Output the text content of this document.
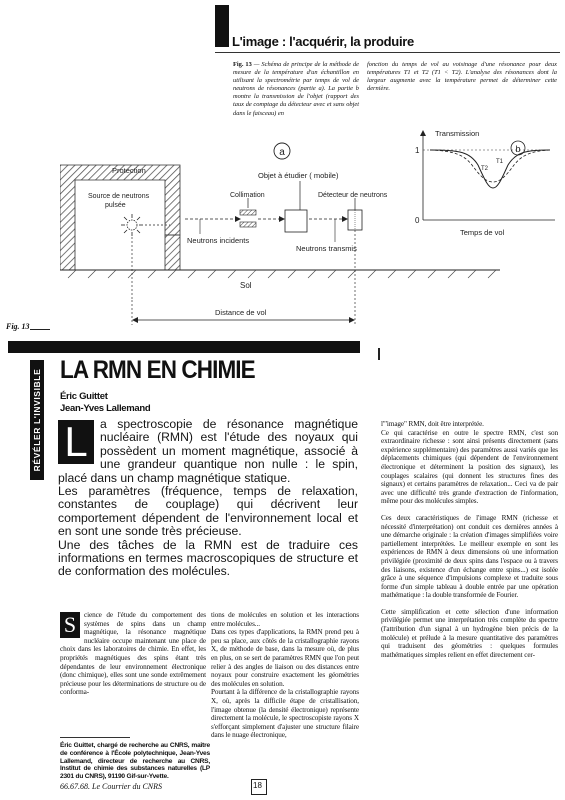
L'image : l'acquérir, la produire
Fig. 13 — Schéma de principe de la méthode de mesure de la température d'un échantillon en utilisant la spectrométrie par temps de vol de neutrons de résonances (partie a). La partie b montre la transmission de l'objet (rapport des taux de comptage du détecteur avec et sans objet dans le faisceau) en
fonction du temps de vol au voisinage d'une résonance pour deux températures T1 et T2 (T1 < T2). L'analyse des résonances dont la largeur augmente avec la température permet de déterminer cette dernière.
Protection
Source de neutrons
pulsée
a
Objet à étudier ( mobile)
Collimation	Détecteur de neutrons
Neutrons incidents
Neutrons transmis
Sol
Distance de vol
Transmission
1
0
b
T1
T2
Temps de vol
Fig. 13
RÉVÉLER L'INVISIBLE LA RMN EN CHIMIE
Éric Guittet
Jean-Yves Lallemand
L	a spectroscopie de résonance magnétique nucléaire (RMN) est l'étude des noyaux qui possèdent un moment magnétique, associé à une grandeur quantique non nulle : le spin, placé dans un champ magnétique statique.

Les paramètres (fréquence, temps de relaxation, constantes de couplage) qui décrivent leur comportement dépendent de l'environnement local et en sont une sonde très précieuse.

Une des tâches de la RMN est de traduire ces informations en termes macroscopiques de structure et de conformation des molécules.

S	cience de l'étude du comportement des systèmes de spins dans un champ magnétique, la résonance magnétique nucléaire occupe maintenant une place de choix dans les laboratoires de chimie. En effet, les propriétés magnétiques des spins étant très dépendantes de leur environnement électronique (donc chimique), elles sont une sonde extrêmement précieuse pour les déterminations de structure ou de conforma-

tions de molécules en solution et les interactions entre molécules...

Dans ces types d'applications, la RMN prend peu à peu sa place, aux côtés de la cristallographie rayons X, de méthode de base, dans la mesure où, de plus en plus, on se sert de paramètres RMN que l'on peut relier à des angles de liaison ou des distances entre noyaux pour construire exactement les géométries des molécules en solution.

Pourtant à la différence de la cristallographie rayons X, où, après la difficile étape de cristallisation, l'image obtenue (la densité électronique) représente directement la molécule, le spectroscopiste rayons X s'efforçant simplement d'ajuster une structure filaire dans le nuage électronique,

l'"image" RMN, doit être interprétée.
Ce qui caractérise en outre le spectre RMN, c'est son extraordinaire richesse : sont ainsi présents directement (sans expérience supplémentaire) des paramètres aussi variés que les déplacements chimiques (qui dépendent de l'environnement électronique et déterminent la position des signaux), les couplages scalaires (qui donnent les structures fines des signaux) et certains paramètres de relaxation... Ceci va de pair avec une difficulté très grande d'extraction de l'information, même pour des molécules simples.

Ces deux caractéristiques de l'image RMN (richesse et nécessité d'interprétation) ont conduit ces dernières années à une démarche originale : la création d'images simplifiées voire partiellement interprétées. Le meilleur exemple en sont les expériences de RMN à deux dimensions où une information privilégiée (proximité de deux spins dans l'espace ou à travers des liaisons, existence d'un échange entre spins...) est isolée grâce à une séquence d'impulsions complexe et traduite sous forme d'un simple tableau à double entrée par une opération mathématique : la double transformée de Fourier.

Cette simplification et cette sélection d'une information privilégiée permet une interprétation très complète du spectre (l'attribution d'un signal à un hydrogène bien précis de la molécule) et prélude à la mesure quantitative des paramètres qui traduisent des géométries : quelques formules mathématiques simples relient en effet directement cer-

Éric Guittet, chargé de recherche au CNRS, maître de conférence à l'École polytechnique, Jean-Yves Lallemand, directeur de recherche au CNRS, Institut de chimie des substances naturelles (LP 2301 du CNRS), 91190 Gif-sur-Yvette.
66.67.68. Le Courrier du CNRS	18
